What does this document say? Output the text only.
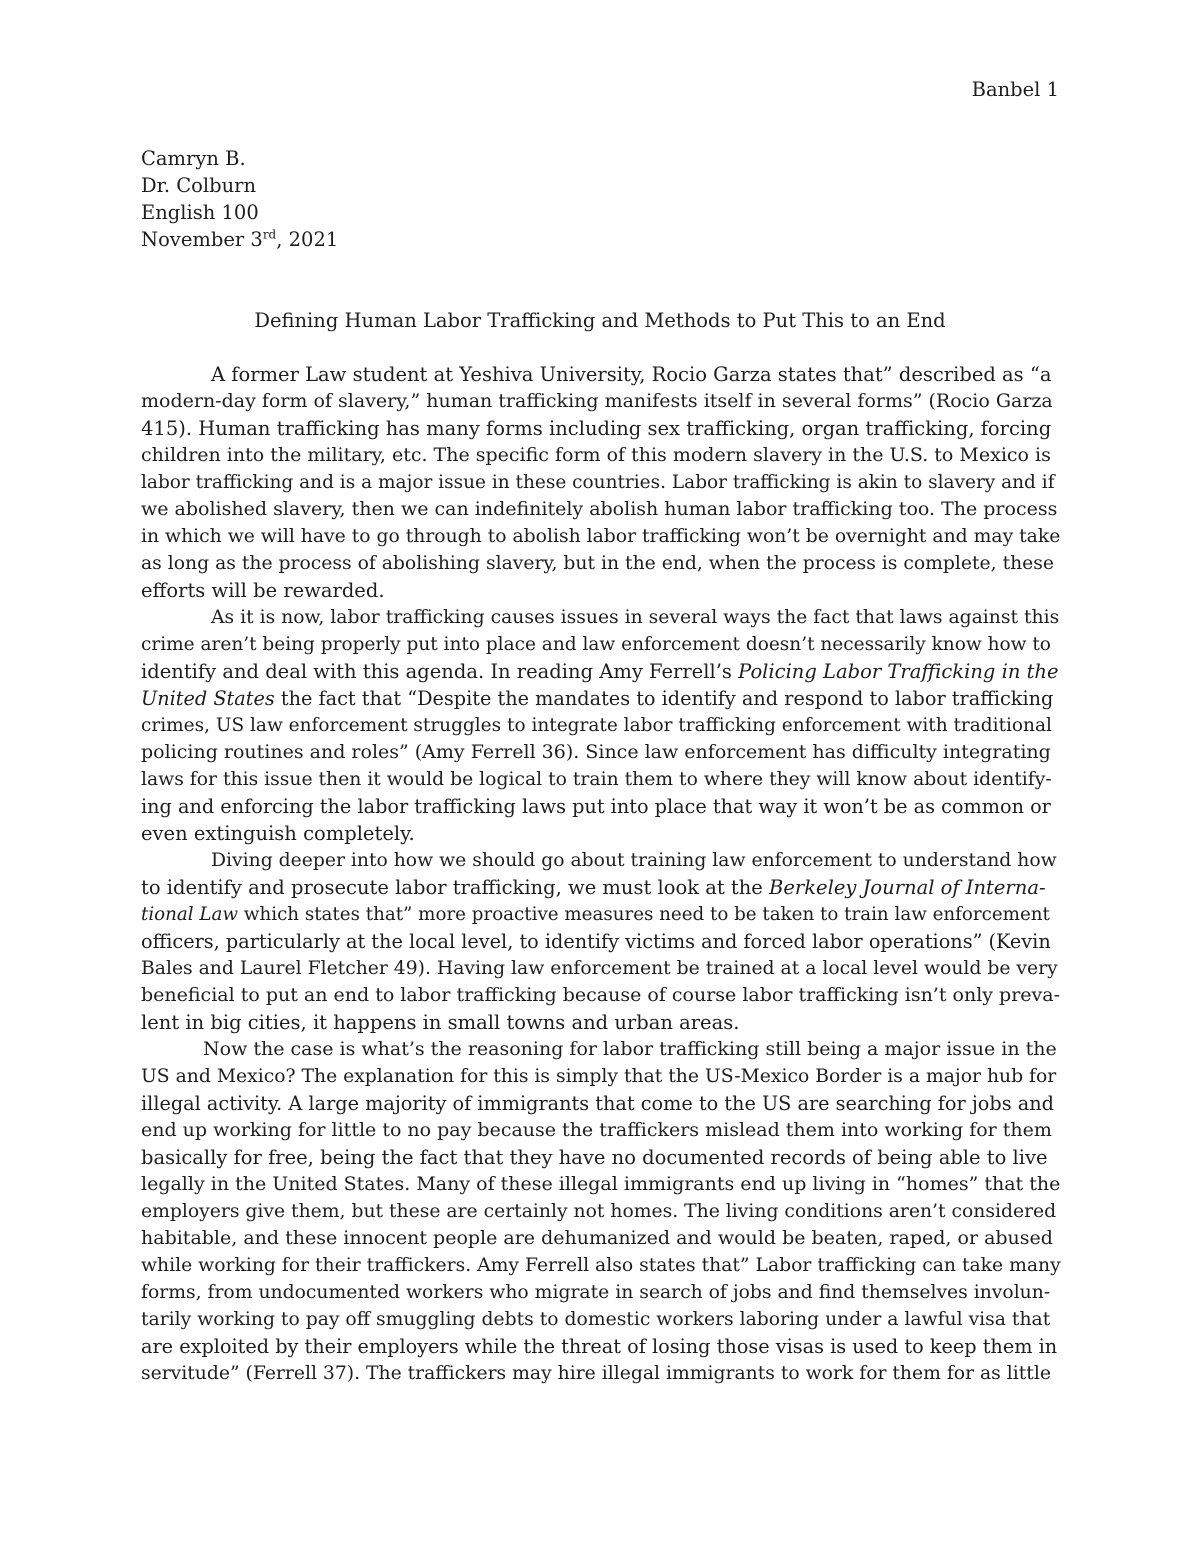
Banbel 1
Camryn B.
Dr. Colburn
English 100
November 3rd, 2021
Defining Human Labor Trafficking and Methods to Put This to an End
A former Law student at Yeshiva University, Rocio Garza states that” described as “a
modern-day form of slavery,” human trafficking manifests itself in several forms” (Rocio Garza
415). Human trafficking has many forms including sex trafficking, organ trafficking, forcing
children into the military, etc. The specific form of this modern slavery in the U.S. to Mexico is
labor trafficking and is a major issue in these countries. Labor trafficking is akin to slavery and if
we abolished slavery, then we can indefinitely abolish human labor trafficking too. The process
in which we will have to go through to abolish labor trafficking won’t be overnight and may take
as long as the process of abolishing slavery, but in the end, when the process is complete, these
efforts will be rewarded.
As it is now, labor trafficking causes issues in several ways the fact that laws against this
crime aren’t being properly put into place and law enforcement doesn’t necessarily know how to
identify and deal with this agenda. In reading Amy Ferrell’s Policing Labor Trafficking in the
United States the fact that “Despite the mandates to identify and respond to labor trafficking
crimes, US law enforcement struggles to integrate labor trafficking enforcement with traditional
policing routines and roles” (Amy Ferrell 36). Since law enforcement has difficulty integrating
laws for this issue then it would be logical to train them to where they will know about identify-
ing and enforcing the labor trafficking laws put into place that way it won’t be as common or
even extinguish completely.
Diving deeper into how we should go about training law enforcement to understand how
to identify and prosecute labor trafficking, we must look at the Berkeley Journal of Interna-
tional Law which states that” more proactive measures need to be taken to train law enforcement
officers, particularly at the local level, to identify victims and forced labor operations” (Kevin
Bales and Laurel Fletcher 49). Having law enforcement be trained at a local level would be very
beneficial to put an end to labor trafficking because of course labor trafficking isn’t only preva-
lent in big cities, it happens in small towns and urban areas.
Now the case is what’s the reasoning for labor trafficking still being a major issue in the
US and Mexico? The explanation for this is simply that the US-Mexico Border is a major hub for
illegal activity. A large majority of immigrants that come to the US are searching for jobs and
end up working for little to no pay because the traffickers mislead them into working for them
basically for free, being the fact that they have no documented records of being able to live
legally in the United States. Many of these illegal immigrants end up living in “homes” that the
employers give them, but these are certainly not homes. The living conditions aren’t considered
habitable, and these innocent people are dehumanized and would be beaten, raped, or abused
while working for their traffickers. Amy Ferrell also states that” Labor trafficking can take many
forms, from undocumented workers who migrate in search of jobs and find themselves involun-
tarily working to pay off smuggling debts to domestic workers laboring under a lawful visa that
are exploited by their employers while the threat of losing those visas is used to keep them in
servitude” (Ferrell 37). The traffickers may hire illegal immigrants to work for them for as little
